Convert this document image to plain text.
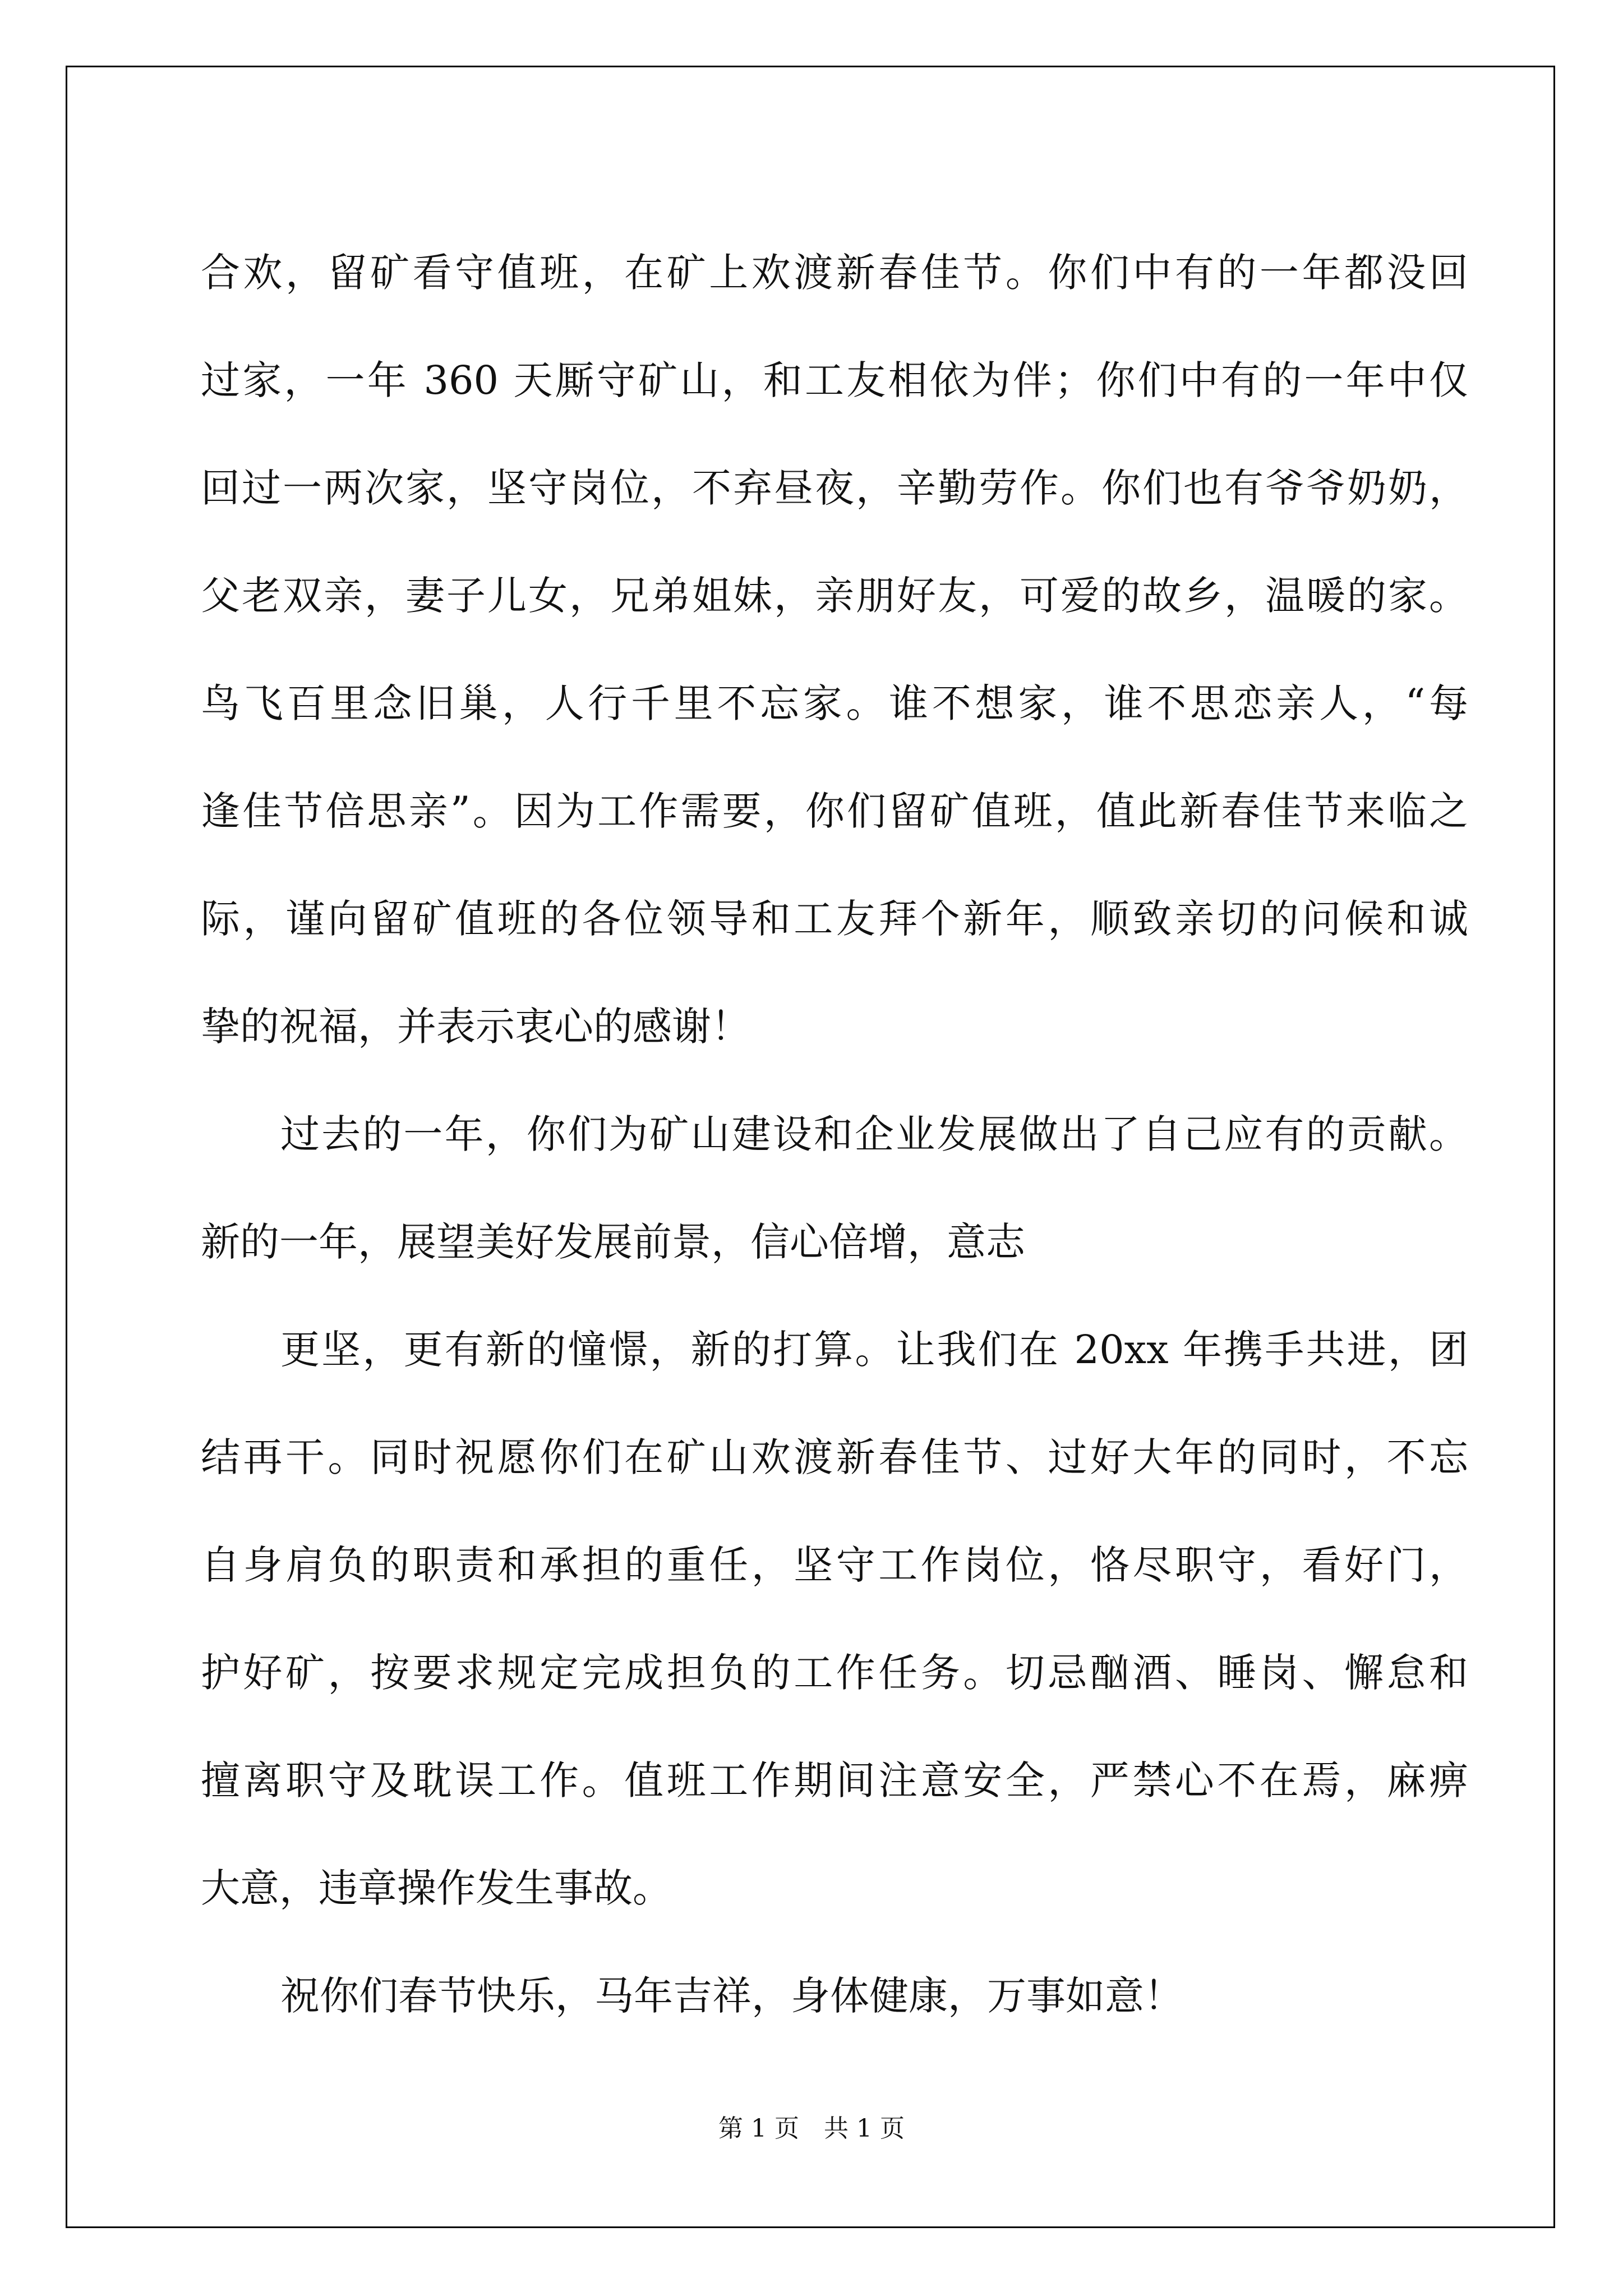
合欢，留矿看守值班，在矿上欢渡新春佳节。你们中有的一年都没回
过家，一年 360 天厮守矿山，和工友相依为伴；你们中有的一年中仅
回过一两次家，坚守岗位，不弃昼夜，辛勤劳作。你们也有爷爷奶奶，
父老双亲，妻子儿女，兄弟姐妹，亲朋好友，可爱的故乡，温暖的家。
鸟飞百里念旧巢，人行千里不忘家。谁不想家，谁不思恋亲人，“每
逢佳节倍思亲”。因为工作需要，你们留矿值班，值此新春佳节来临之
际，谨向留矿值班的各位领导和工友拜个新年，顺致亲切的问候和诚
挚的祝福，并表示衷心的感谢！
过去的一年，你们为矿山建设和企业发展做出了自己应有的贡献。
新的一年，展望美好发展前景，信心倍增，意志
更坚，更有新的憧憬，新的打算。让我们在 20xx 年携手共进，团
结再干。同时祝愿你们在矿山欢渡新春佳节、过好大年的同时，不忘
自身肩负的职责和承担的重任，坚守工作岗位，恪尽职守，看好门，
护好矿，按要求规定完成担负的工作任务。切忌酗酒、睡岗、懈怠和
擅离职守及耽误工作。值班工作期间注意安全，严禁心不在焉，麻痹
大意，违章操作发生事故。
祝你们春节快乐，马年吉祥，身体健康，万事如意！
第 1 页　共 1 页
